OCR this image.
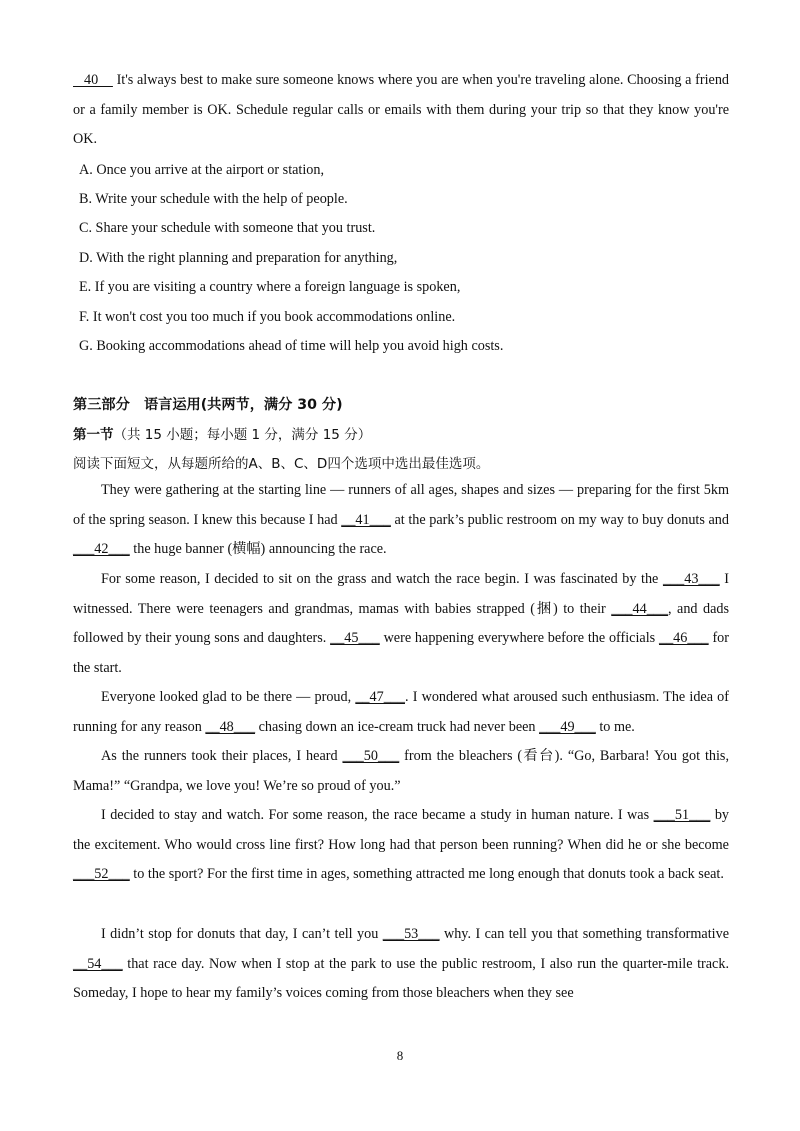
40     It's always best to make sure someone knows where you are when you're traveling alone. Choosing a friend or a family member is OK. Schedule regular calls or emails with them during your trip so that they know you're OK.

A. Once you arrive at the airport or station,

B. Write your schedule with the help of people.

C. Share your schedule with someone that you trust.

D. With the right planning and preparation for anything,

E. If you are visiting a country where a foreign language is spoken,

F. It won't cost you too much if you book accommodations online.

G. Booking accommodations ahead of time will help you avoid high costs.

第三部分　语言运用(共两节，满分 30 分)

第一节（共 15 小题；每小题 1 分，满分 15 分）

阅读下面短文，从每题所给的A、B、C、D四个选项中选出最佳选项。

They were gathering at the starting line — runners of all ages, shapes and sizes — preparing for the first 5km of the spring season. I knew this because I had __41___ at the park’s public restroom on my way to buy donuts and ___42___ the huge banner (横幅) announcing the race.

For some reason, I decided to sit on the grass and watch the race begin. I was fascinated by the ___43___ I witnessed. There were teenagers and grandmas, mamas with babies strapped (捆) to their ___44___, and dads followed by their young sons and daughters. __45___ were happening everywhere before the officials __46___ for the start.

Everyone looked glad to be there — proud, __47___. I wondered what aroused such enthusiasm. The idea of running for any reason __48___ chasing down an ice-cream truck had never been ___49___ to me.

As the runners took their places, I heard ___50___ from the bleachers (看台). “Go, Barbara! You got this, Mama!” “Grandpa, we love you! We’re so proud of you.”

I decided to stay and watch. For some reason, the race became a study in human nature. I was ___51___ by the excitement. Who would cross line first? How long had that person been running? When did he or she become ___52___ to the sport? For the first time in ages, something attracted me long enough that donuts took a back seat.

I didn’t stop for donuts that day, I can’t tell you ___53___ why. I can tell you that something transformative __54___ that race day. Now when I stop at the park to use the public restroom, I also run the quarter-mile track. Someday, I hope to hear my family’s voices coming from those bleachers when they see

8
